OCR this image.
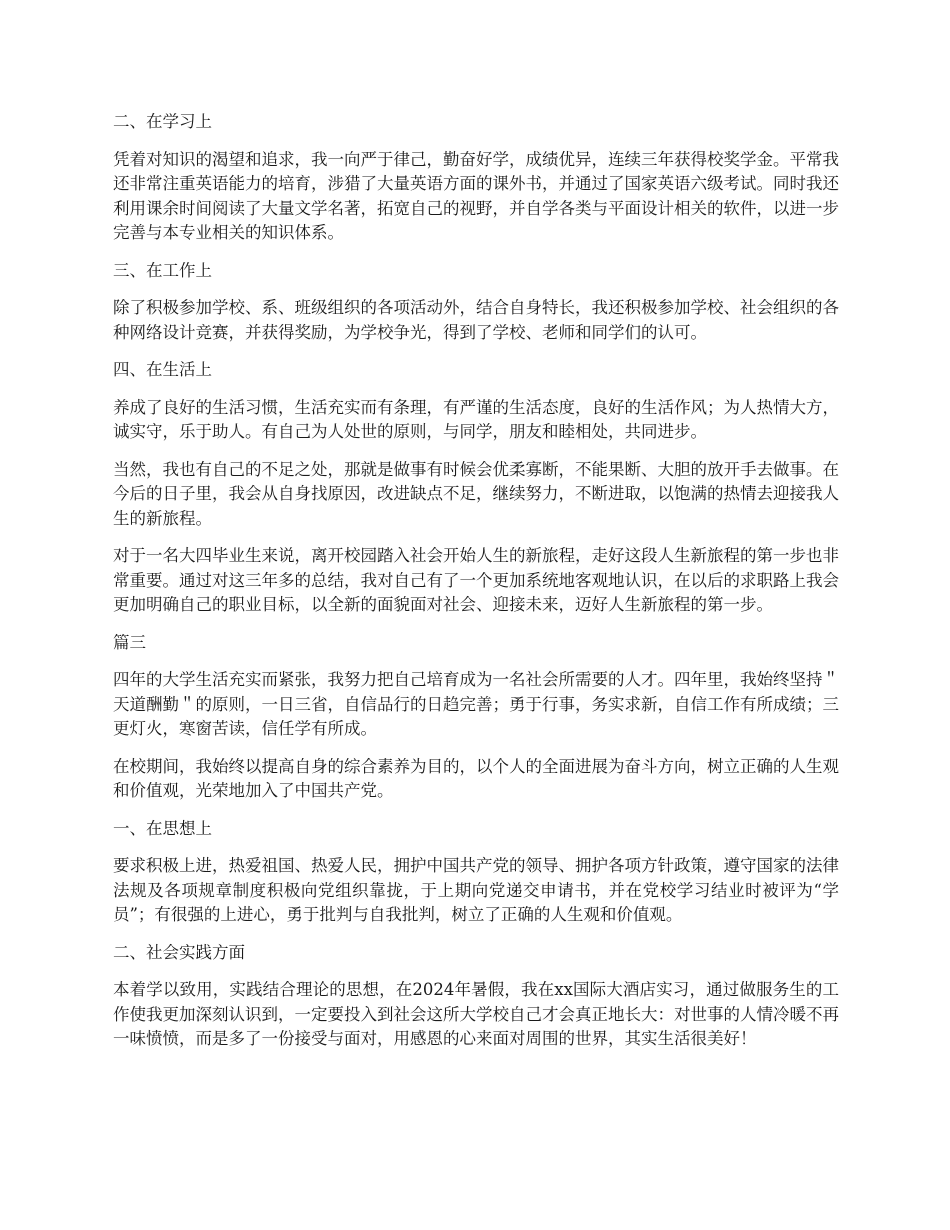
二、在学习上

凭着对知识的渴望和追求，我一向严于律己，勤奋好学，成绩优异，连续三年获得校奖学金。平常我还非常注重英语能力的培育，涉猎了大量英语方面的课外书，并通过了国家英语六级考试。同时我还利用课余时间阅读了大量文学名著，拓宽自己的视野，并自学各类与平面设计相关的软件，以进一步完善与本专业相关的知识体系。

三、在工作上

除了积极参加学校、系、班级组织的各项活动外，结合自身特长，我还积极参加学校、社会组织的各种网络设计竞赛，并获得奖励，为学校争光，得到了学校、老师和同学们的认可。

四、在生活上

养成了良好的生活习惯，生活充实而有条理，有严谨的生活态度，良好的生活作风；为人热情大方，诚实守，乐于助人。有自己为人处世的原则，与同学，朋友和睦相处，共同进步。

当然，我也有自己的不足之处，那就是做事有时候会优柔寡断，不能果断、大胆的放开手去做事。在今后的日子里，我会从自身找原因，改进缺点不足，继续努力，不断进取，以饱满的热情去迎接我人生的新旅程。

对于一名大四毕业生来说，离开校园踏入社会开始人生的新旅程，走好这段人生新旅程的第一步也非常重要。通过对这三年多的总结，我对自己有了一个更加系统地客观地认识，在以后的求职路上我会更加明确自己的职业目标，以全新的面貌面对社会、迎接未来，迈好人生新旅程的第一步。

篇三

四年的大学生活充实而紧张，我努力把自己培育成为一名社会所需要的人才。四年里，我始终坚持＂天道酬勤＂的原则，一日三省，自信品行的日趋完善；勇于行事，务实求新，自信工作有所成绩；三更灯火，寒窗苦读，信任学有所成。

在校期间，我始终以提高自身的综合素养为目的，以个人的全面进展为奋斗方向，树立正确的人生观和价值观，光荣地加入了中国共产党。

一、在思想上

要求积极上进，热爱祖国、热爱人民，拥护中国共产党的领导、拥护各项方针政策，遵守国家的法律法规及各项规章制度积极向党组织靠拢，于上期向党递交申请书，并在党校学习结业时被评为“学员”；有很强的上进心，勇于批判与自我批判，树立了正确的人生观和价值观。

二、社会实践方面

本着学以致用，实践结合理论的思想，在2024年暑假，我在xx国际大酒店实习，通过做服务生的工作使我更加深刻认识到，一定要投入到社会这所大学校自己才会真正地长大：对世事的人情冷暖不再一味愤愤，而是多了一份接受与面对，用感恩的心来面对周围的世界，其实生活很美好！
